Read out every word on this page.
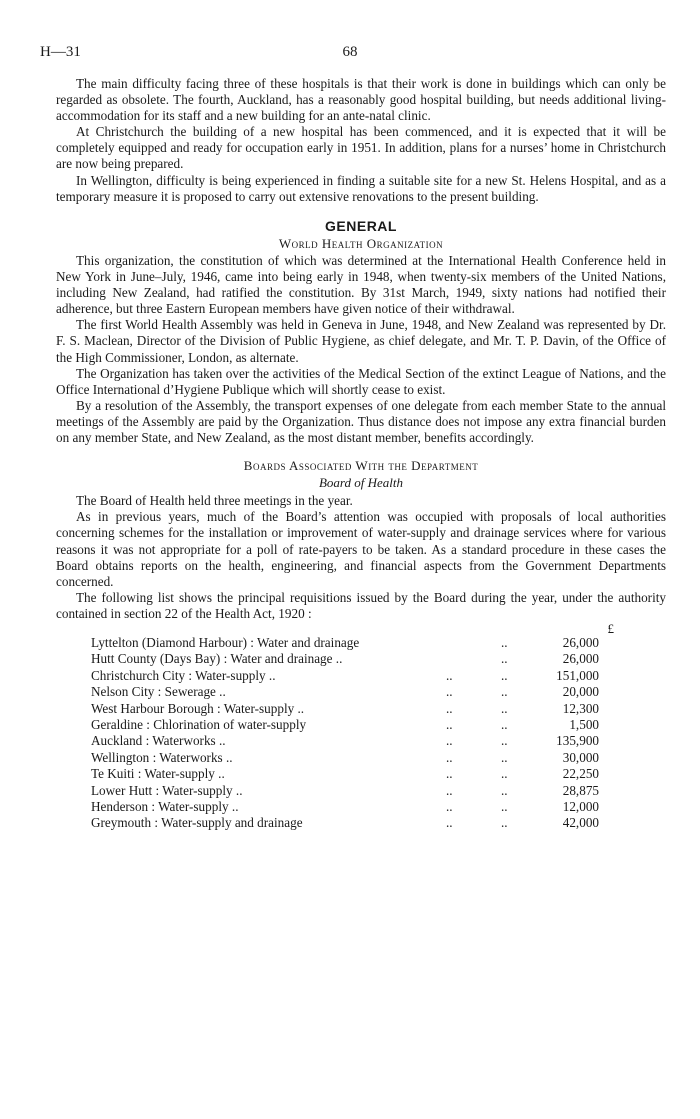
H—31	68

The main difficulty facing three of these hospitals is that their work is done in buildings which can only be regarded as obsolete. The fourth, Auckland, has a reasonably good hospital building, but needs additional living-accommodation for its staff and a new building for an ante-natal clinic.

At Christchurch the building of a new hospital has been commenced, and it is expected that it will be completely equipped and ready for occupation early in 1951. In addition, plans for a nurses’ home in Christchurch are now being prepared.

In Wellington, difficulty is being experienced in finding a suitable site for a new St. Helens Hospital, and as a temporary measure it is proposed to carry out extensive renovations to the present building.

GENERAL
World Health Organization

This organization, the constitution of which was determined at the International Health Conference held in New York in June–July, 1946, came into being early in 1948, when twenty-six members of the United Nations, including New Zealand, had ratified the constitution. By 31st March, 1949, sixty nations had notified their adherence, but three Eastern European members have given notice of their withdrawal.

The first World Health Assembly was held in Geneva in June, 1948, and New Zealand was represented by Dr. F. S. Maclean, Director of the Division of Public Hygiene, as chief delegate, and Mr. T. P. Davin, of the Office of the High Commissioner, London, as alternate.

The Organization has taken over the activities of the Medical Section of the extinct League of Nations, and the Office International d’Hygiene Publique which will shortly cease to exist.

By a resolution of the Assembly, the transport expenses of one delegate from each member State to the annual meetings of the Assembly are paid by the Organization. Thus distance does not impose any extra financial burden on any member State, and New Zealand, as the most distant member, benefits accordingly.

Boards Associated With the Department
Board of Health

The Board of Health held three meetings in the year.

As in previous years, much of the Board’s attention was occupied with proposals of local authorities concerning schemes for the installation or improvement of water-supply and drainage services where for various reasons it was not appropriate for a poll of rate-payers to be taken. As a standard procedure in these cases the Board obtains reports on the health, engineering, and financial aspects from the Government Departments concerned.

The following list shows the principal requisitions issued by the Board during the year, under the authority contained in section 22 of the Health Act, 1920 :

£
Lyttelton (Diamond Harbour) : Water and drainage		..	26,000
Hutt County (Days Bay) : Water and drainage ..		..	26,000
Christchurch City : Water-supply ..	..	..	151,000
Nelson City : Sewerage ..	..	..	20,000
West Harbour Borough : Water-supply ..	..	..	12,300
Geraldine : Chlorination of water-supply	..	..	1,500
Auckland : Waterworks ..	..	..	135,900
Wellington : Waterworks ..	..	..	30,000
Te Kuiti : Water-supply ..	..	..	22,250
Lower Hutt : Water-supply ..	..	..	28,875
Henderson : Water-supply ..	..	..	12,000
Greymouth : Water-supply and drainage	..	..	42,000
